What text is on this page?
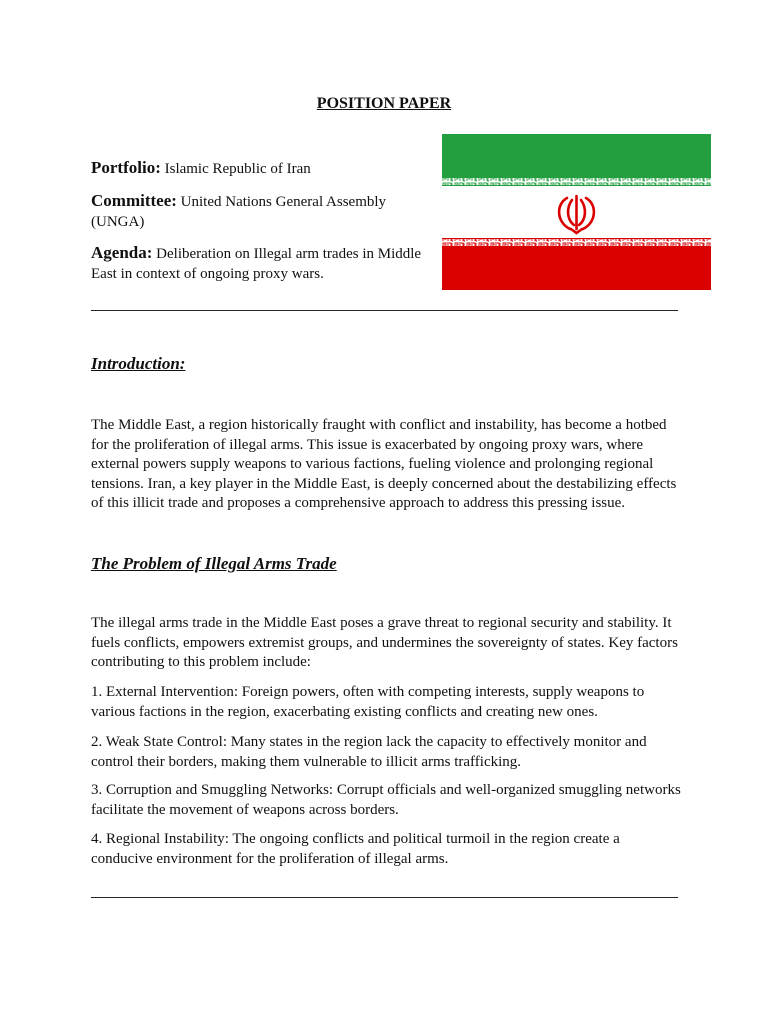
POSITION PAPER
Portfolio: Islamic Republic of Iran
Committee: United Nations General Assembly (UNGA)
Agenda: Deliberation on Illegal arm trades in Middle East in context of ongoing proxy wars.
Introduction:
The Middle East, a region historically fraught with conflict and instability, has become a hotbed for the proliferation of illegal arms. This issue is exacerbated by ongoing proxy wars, where external powers supply weapons to various factions, fueling violence and prolonging regional tensions. Iran, a key player in the Middle East, is deeply concerned about the destabilizing effects of this illicit trade and proposes a comprehensive approach to address this pressing issue.
The Problem of Illegal Arms Trade
The illegal arms trade in the Middle East poses a grave threat to regional security and stability. It fuels conflicts, empowers extremist groups, and undermines the sovereignty of states. Key factors contributing to this problem include:
1. External Intervention: Foreign powers, often with competing interests, supply weapons to various factions in the region, exacerbating existing conflicts and creating new ones.
2. Weak State Control: Many states in the region lack the capacity to effectively monitor and control their borders, making them vulnerable to illicit arms trafficking.
3. Corruption and Smuggling Networks: Corrupt officials and well-organized smuggling networks facilitate the movement of weapons across borders.
4. Regional Instability: The ongoing conflicts and political turmoil in the region create a conducive environment for the proliferation of illegal arms.
